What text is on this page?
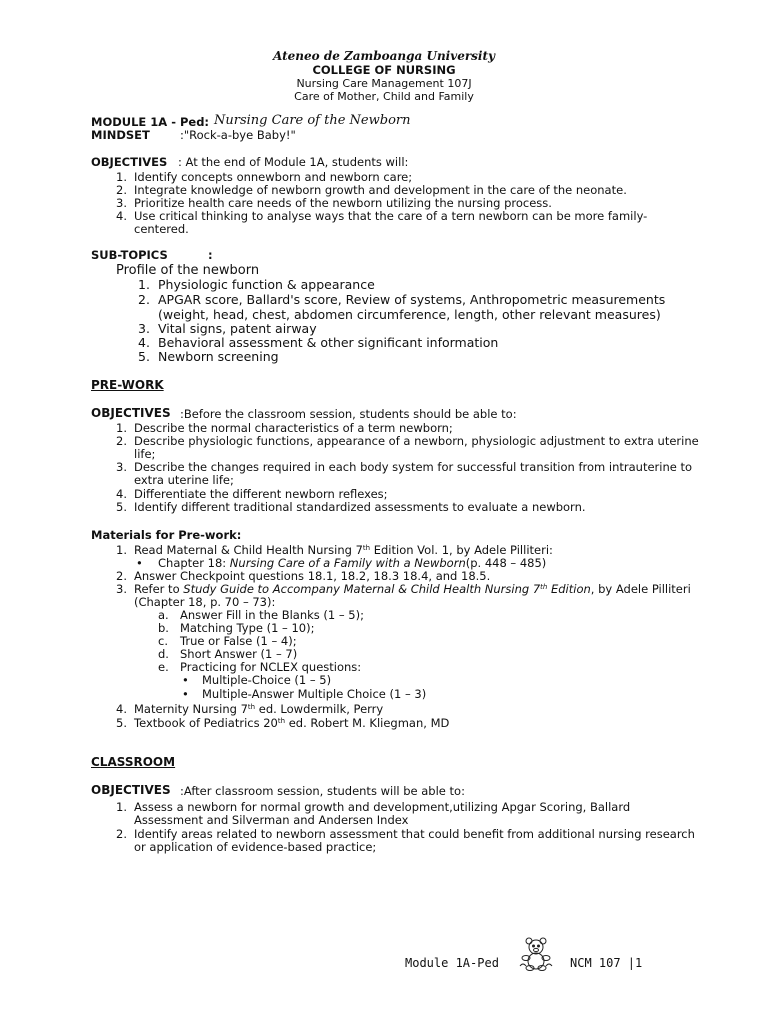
Ateneo de Zamboanga University
COLLEGE OF NURSING
Nursing Care Management 107J
Care of Mother, Child and Family
MODULE 1A - Ped: Nursing Care of the Newborn
MINDSET	:"Rock-a-bye Baby!"
OBJECTIVES : At the end of Module 1A, students will:
1. Identify concepts onnewborn and newborn care;
2. Integrate knowledge of newborn growth and development in the care of the neonate.
3. Prioritize health care needs of the newborn utilizing the nursing process.
4. Use critical thinking to analyse ways that the care of a tern newborn can be more family-
centered.
SUB-TOPICS	:
Profile of the newborn
1. Physiologic function & appearance
2. APGAR score, Ballard's score, Review of systems, Anthropometric measurements
(weight, head, chest, abdomen circumference, length, other relevant measures)
3. Vital signs, patent airway
4. Behavioral assessment & other significant information
5. Newborn screening
PRE-WORK
OBJECTIVES :Before the classroom session, students should be able to:
1. Describe the normal characteristics of a term newborn;
2. Describe physiologic functions, appearance of a newborn, physiologic adjustment to extra uterine
life;
3. Describe the changes required in each body system for successful transition from intrauterine to
extra uterine life;
4. Differentiate the different newborn reflexes;
5. Identify different traditional standardized assessments to evaluate a newborn.
Materials for Pre-work:
1. Read Maternal & Child Health Nursing 7th Edition Vol. 1, by Adele Pilliteri:
• Chapter 18: Nursing Care of a Family with a Newborn(p. 448 – 485)
2. Answer Checkpoint questions 18.1, 18.2, 18.3 18.4, and 18.5.
3. Refer to Study Guide to Accompany Maternal & Child Health Nursing 7th Edition, by Adele Pilliteri
(Chapter 18, p. 70 – 73):
a. Answer Fill in the Blanks (1 – 5);
b. Matching Type (1 – 10);
c. True or False (1 – 4);
d. Short Answer (1 – 7)
e. Practicing for NCLEX questions:
• Multiple-Choice (1 – 5)
• Multiple-Answer Multiple Choice (1 – 3)
4. Maternity Nursing 7th ed. Lowdermilk, Perry
5. Textbook of Pediatrics 20th ed. Robert M. Kliegman, MD
CLASSROOM
OBJECTIVES :After classroom session, students will be able to:
1. Assess a newborn for normal growth and development,utilizing Apgar Scoring, Ballard
Assessment and Silverman and Andersen Index
2. Identify areas related to newborn assessment that could benefit from additional nursing research
or application of evidence-based practice;
Module 1A-Ped	NCM 107 |1
